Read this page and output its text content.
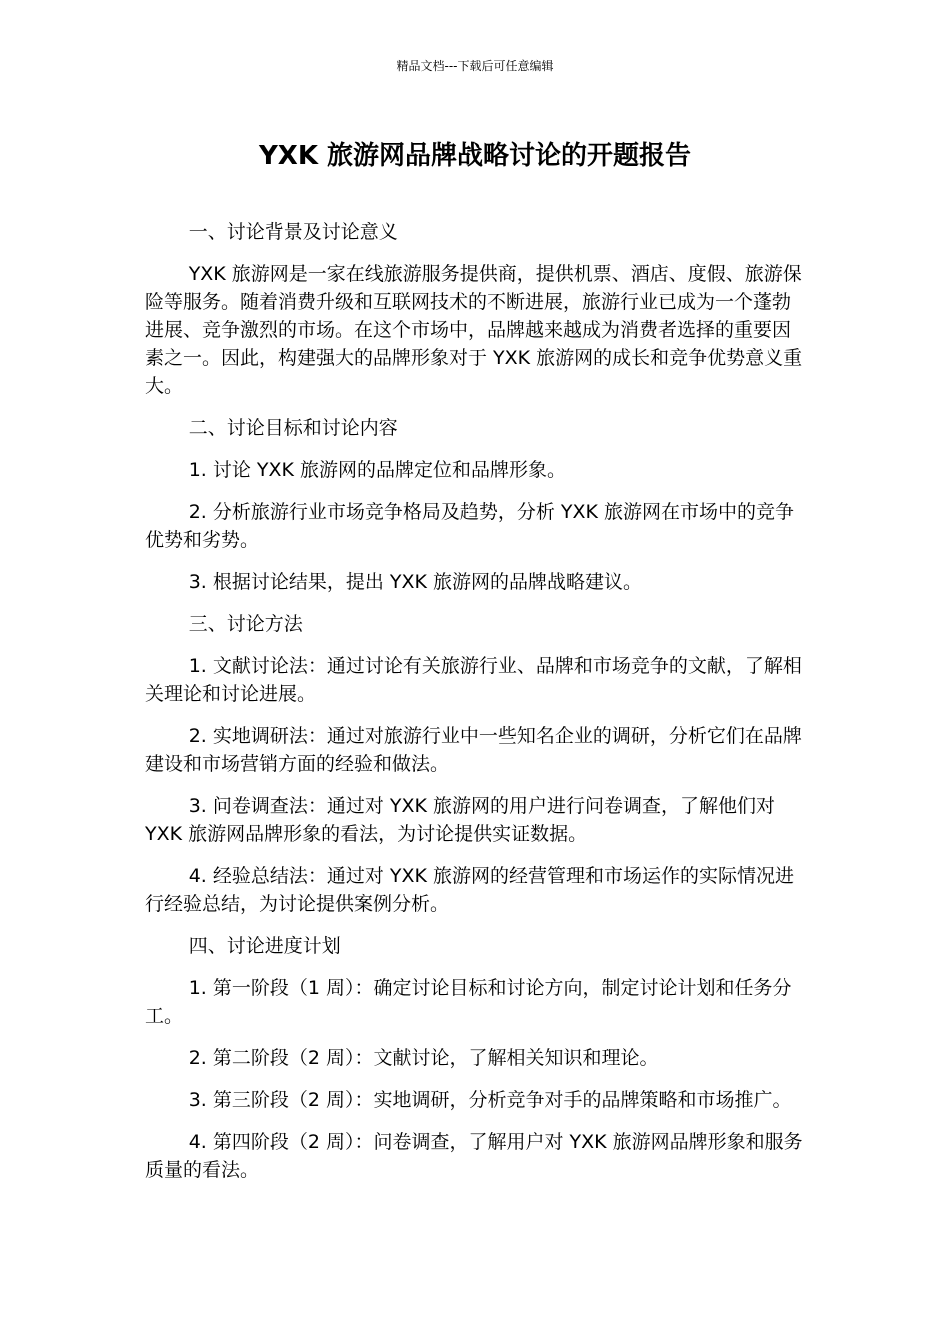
精品文档---下载后可任意编辑
YXK 旅游网品牌战略讨论的开题报告

一、讨论背景及讨论意义

YXK 旅游网是一家在线旅游服务提供商，提供机票、酒店、度假、旅游保险等服务。随着消费升级和互联网技术的不断进展，旅游行业已成为一个蓬勃进展、竞争激烈的市场。在这个市场中，品牌越来越成为消费者选择的重要因素之一。因此，构建强大的品牌形象对于 YXK 旅游网的成长和竞争优势意义重大。

二、讨论目标和讨论内容

1. 讨论 YXK 旅游网的品牌定位和品牌形象。

2. 分析旅游行业市场竞争格局及趋势，分析 YXK 旅游网在市场中的竞争优势和劣势。

3. 根据讨论结果，提出 YXK 旅游网的品牌战略建议。

三、讨论方法

1. 文献讨论法：通过讨论有关旅游行业、品牌和市场竞争的文献，了解相关理论和讨论进展。

2. 实地调研法：通过对旅游行业中一些知名企业的调研，分析它们在品牌建设和市场营销方面的经验和做法。

3. 问卷调查法：通过对 YXK 旅游网的用户进行问卷调查，了解他们对 YXK 旅游网品牌形象的看法，为讨论提供实证数据。

4. 经验总结法：通过对 YXK 旅游网的经营管理和市场运作的实际情况进行经验总结，为讨论提供案例分析。

四、讨论进度计划

1. 第一阶段（1 周）：确定讨论目标和讨论方向，制定讨论计划和任务分工。

2. 第二阶段（2 周）：文献讨论，了解相关知识和理论。

3. 第三阶段（2 周）：实地调研，分析竞争对手的品牌策略和市场推广。

4. 第四阶段（2 周）：问卷调查，了解用户对 YXK 旅游网品牌形象和服务质量的看法。
